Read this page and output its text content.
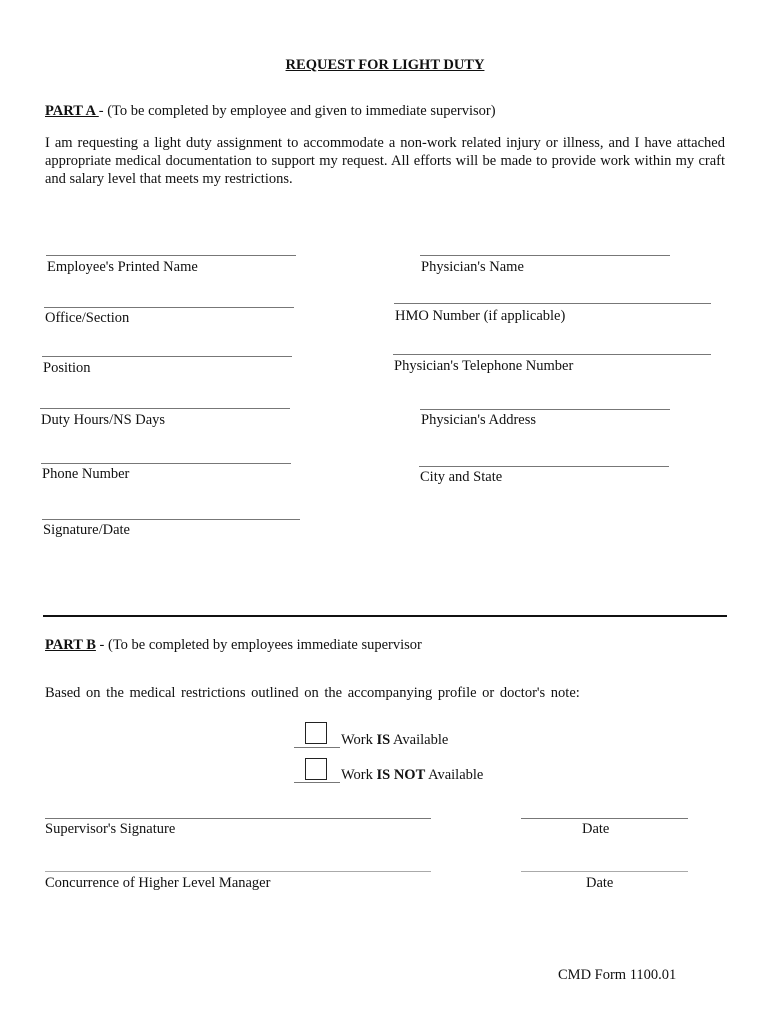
REQUEST FOR LIGHT DUTY
PART A - (To be completed by employee and given to immediate supervisor)
I am requesting a light duty assignment to accommodate a non-work related injury or illness, and I have attached appropriate medical documentation to support my request. All efforts will be made to provide work within my craft and salary level that meets my restrictions.
Employee's Printed Name
Office/Section
Position
Duty Hours/NS Days
Phone Number
Signature/Date
Physician's Name
HMO Number (if applicable)
Physician's Telephone Number
Physician's Address
City and State
PART B - (To be completed by employees immediate supervisor
Based on the medical restrictions outlined on the accompanying profile or doctor's note:
Work IS Available
Work IS NOT Available
Supervisor's Signature	Date
Concurrence of Higher Level Manager	Date
CMD Form 1100.01
